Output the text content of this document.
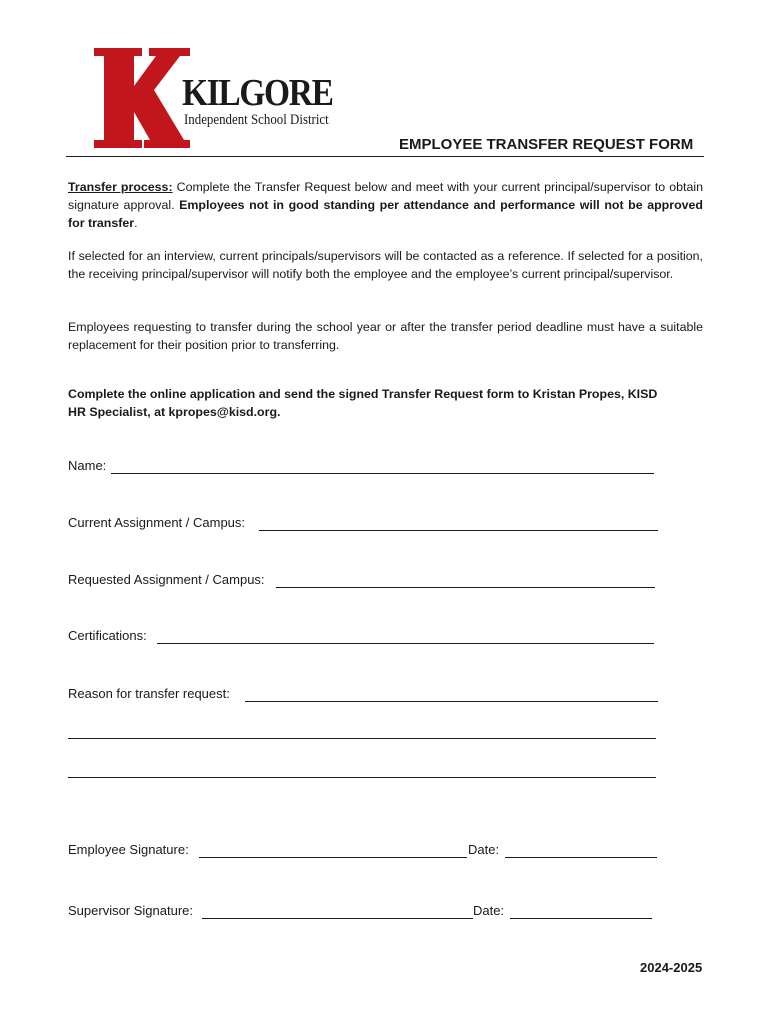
KILGORE
Independent School District
EMPLOYEE TRANSFER REQUEST FORM

Transfer process: Complete the Transfer Request below and meet with your current principal/supervisor to obtain signature approval. Employees not in good standing per attendance and performance will not be approved for transfer.

If selected for an interview, current principals/supervisors will be contacted as a reference. If selected for a position, the receiving principal/supervisor will notify both the employee and the employee’s current principal/supervisor.

Employees requesting to transfer during the school year or after the transfer period deadline must have a suitable replacement for their position prior to transferring.

Complete the online application and send the signed Transfer Request form to Kristan Propes, KISD HR Specialist, at kpropes@kisd.org.

Name:
Current Assignment / Campus:
Requested Assignment / Campus:
Certifications:
Reason for transfer request:
Employee Signature:	Date:
Supervisor Signature:	Date:
2024-2025
